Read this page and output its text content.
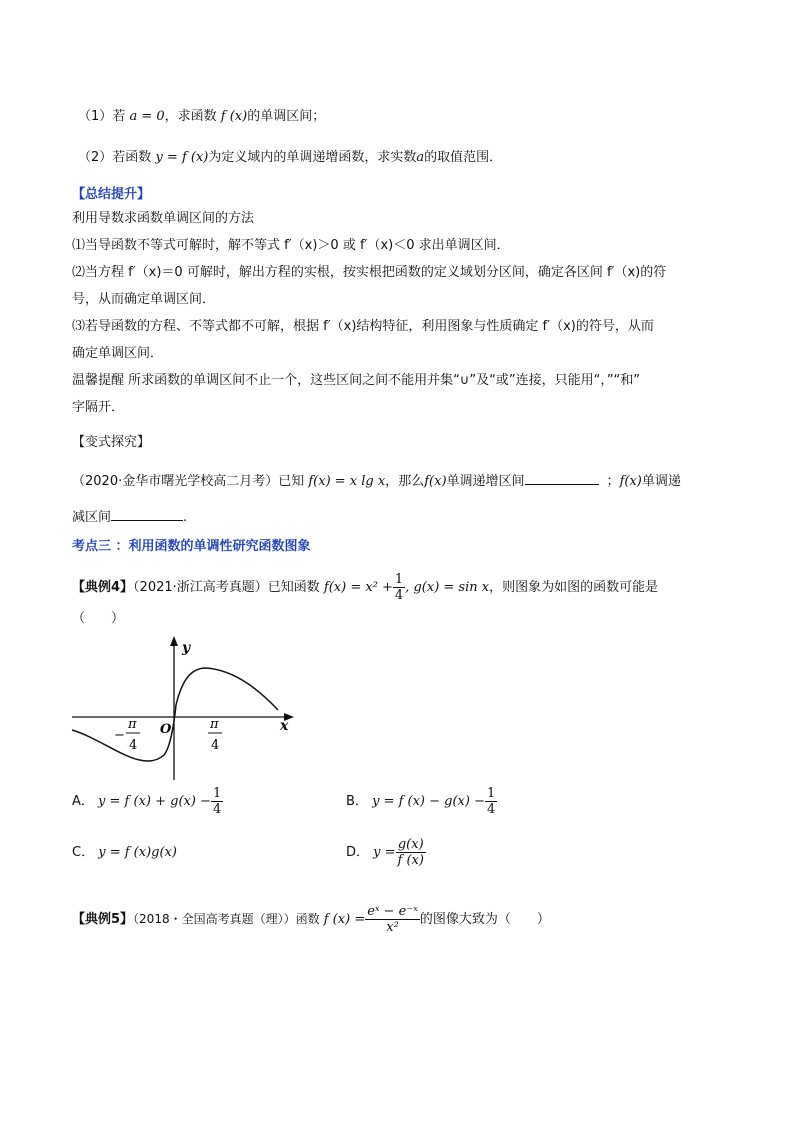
（1）若 a = 0，求函数 f (x)的单调区间；
（2）若函数 y = f (x)为定义域内的单调递增函数，求实数a的取值范围．
【总结提升】
利用导数求函数单调区间的方法
⑴当导函数不等式可解时，解不等式 f′（x)＞0 或 f′（x)＜0 求出单调区间．
⑵当方程 f′（x)＝0 可解时，解出方程的实根，按实根把函数的定义域划分区间，确定各区间 f′（x)的符
号，从而确定单调区间．
⑶若导函数的方程、不等式都不可解，根据 f′（x)结构特征，利用图象与性质确定 f′（x)的符号，从而
确定单调区间．
温馨提醒 所求函数的单调区间不止一个，这些区间之间不能用并集“∪”及“或”连接，只能用“，”“和”
字隔开．
【变式探究】
（2020·金华市曙光学校高二月考）已知 f(x) = x lg x，那么f(x)单调递增区间	；f(x)单调递
减区间	.
考点三 ：利用函数的单调性研究函数图象
【典例4】（2021·浙江高考真题）已知函数 $f(x) = x^2 + \frac{1}{4}$ , g(x) = sin x，则图象为如图的函数可能是
（　　）
y
x
O
−
π
4
π
4
A． y = f $(x) + g(x) - \frac{1}{4}$	B． y = f $(x) - g(x) - \frac{1}{4}$
C． y = f (x)g(x)	D． $y = \frac{g(x)}{f (x)}$
【典例5】（2018・全国高考真题（理））函数 f $(x) = \frac{\text{eˣ − e⁻ˣ}}{\text{x²}}$ 的图像大致为（　　）
